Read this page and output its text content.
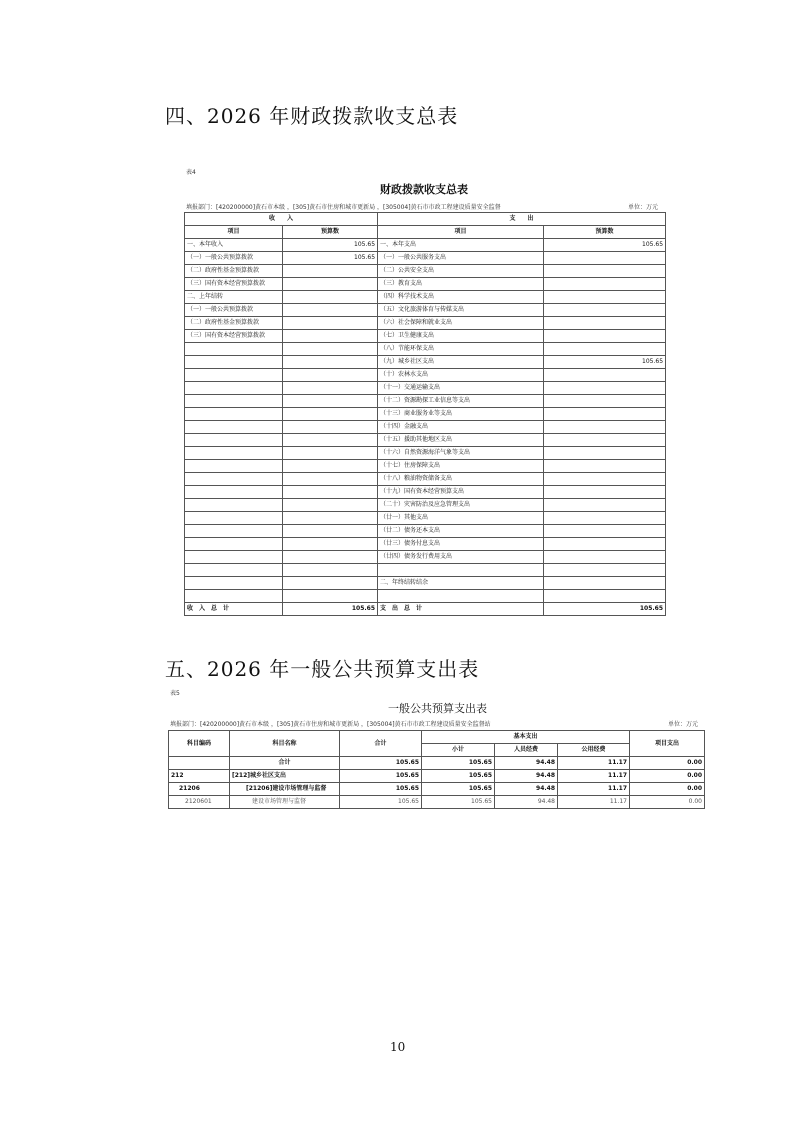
四、2026 年财政拨款收支总表
表4
财政拨款收支总表
填报部门：[420200000]黄石市本级 ，[305]黄石市住房和城市更新局 ，[305004]黄石市市政工程建设质量安全监督	单位：万元
收　　入		支　　出	
项目	预算数	项目	预算数
一、本年收入	105.65	一、本年支出	105.65
（一）一般公共预算拨款	105.65	（一）一般公共服务支出	
（二）政府性基金预算拨款		（二）公共安全支出	
（三）国有资本经营预算拨款		（三）教育支出	
二、上年结转		（四）科学技术支出	
（一）一般公共预算拨款		（五）文化旅游体育与传媒支出	
（二）政府性基金预算拨款		（六）社会保障和就业支出	
（三）国有资本经营预算拨款		（七）卫生健康支出	
		（八）节能环保支出	
		（九）城乡社区支出	105.65
		（十）农林水支出	
		（十一）交通运输支出	
		（十二）资源勘探工业信息等支出	
		（十三）商业服务业等支出	
		（十四）金融支出	
		（十五）援助其他地区支出	
		（十六）自然资源海洋气象等支出	
		（十七）住房保障支出	
		（十八）粮油物资储备支出	
		（十九）国有资本经营预算支出	
		（二十）灾害防治及应急管理支出	
		（廿一）其他支出	
		（廿二）债务还本支出	
		（廿三）债务付息支出	
		（廿四）债务发行费用支出	

		二、年终结转结余	

收　入　总　计	105.65	支　出　总　计	105.65
五、2026 年一般公共预算支出表
表5
一般公共预算支出表
填报部门：[420200000]黄石市本级 ，[305]黄石市住房和城市更新局 ，[305004]黄石市市政工程建设质量安全监督站	单位：万元
科目编码	科目名称	合计	基本支出			项目支出
			小计	人员经费	公用经费	
	合计	105.65	105.65	94.48	11.17	0.00
212	[212]城乡社区支出	105.65	105.65	94.48	11.17	0.00
21206	[21206]建设市场管理与监督	105.65	105.65	94.48	11.17	0.00
2120601	建设市场管理与监督	105.65	105.65	94.48	11.17	0.00
10
